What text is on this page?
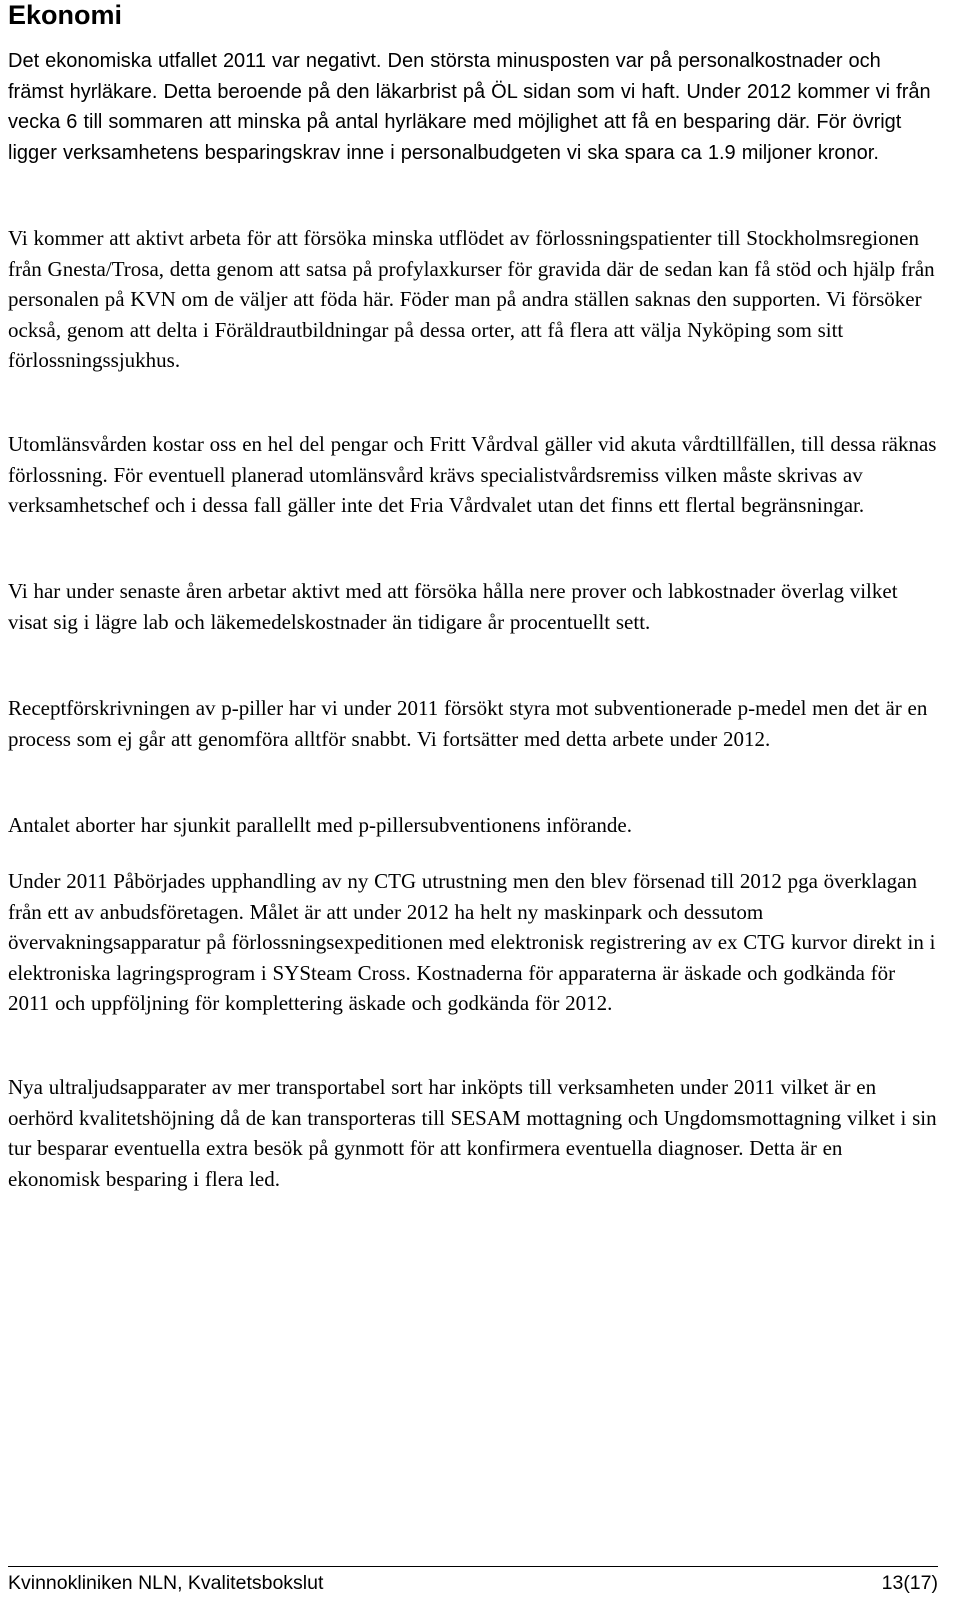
Ekonomi

Det ekonomiska utfallet 2011 var negativt. Den största minusposten var på personalkostnader och främst hyrläkare. Detta beroende på den läkarbrist på ÖL sidan som vi haft. Under 2012 kommer vi från vecka 6 till sommaren att minska på antal hyrläkare med möjlighet att få en besparing där. För övrigt ligger verksamhetens besparingskrav inne i personalbudgeten vi ska spara ca 1.9 miljoner kronor.

Vi kommer att aktivt arbeta för att försöka minska utflödet av förlossningspatienter till Stockholmsregionen från Gnesta/Trosa, detta genom att satsa på profylaxkurser för gravida där de sedan kan få stöd och hjälp från personalen på KVN om de väljer att föda här. Föder man på andra ställen saknas den supporten. Vi försöker också, genom att delta i Föräldrautbildningar på dessa orter, att få flera att välja Nyköping som sitt förlossningssjukhus.

Utomlänsvården kostar oss en hel del pengar och Fritt Vårdval gäller vid akuta vårdtillfällen, till dessa räknas förlossning. För eventuell planerad utomlänsvård krävs specialistvårdsremiss vilken måste skrivas av verksamhetschef och i dessa fall gäller inte det Fria Vårdvalet utan det finns ett flertal begränsningar.

Vi har under senaste åren arbetar aktivt med att försöka hålla nere prover och labkostnader överlag vilket visat sig i lägre lab och läkemedelskostnader än tidigare år procentuellt sett.

Receptförskrivningen av p-piller har vi under 2011 försökt styra mot subventionerade p-medel men det är en process som ej går att genomföra alltför snabbt. Vi fortsätter med detta arbete under 2012.

Antalet aborter har sjunkit parallellt med p-pillersubventionens införande.

Under 2011 Påbörjades upphandling av ny CTG utrustning men den blev försenad till 2012 pga överklagan från ett av anbudsföretagen. Målet är att under 2012 ha helt ny maskinpark och dessutom övervakningsapparatur på förlossningsexpeditionen med elektronisk registrering av ex CTG kurvor direkt in i elektroniska lagringsprogram i SYSteam Cross. Kostnaderna för apparaterna är äskade och godkända för 2011 och uppföljning för komplettering äskade och godkända för 2012.

Nya ultraljudsapparater av mer transportabel sort har inköpts till verksamheten under 2011 vilket är en oerhörd kvalitetshöjning då de kan transporteras till SESAM mottagning och Ungdomsmottagning vilket i sin tur besparar eventuella extra besök på gynmott för att konfirmera eventuella diagnoser. Detta är en ekonomisk besparing i flera led.

Kvinnokliniken NLN, Kvalitetsbokslut	13(17)
